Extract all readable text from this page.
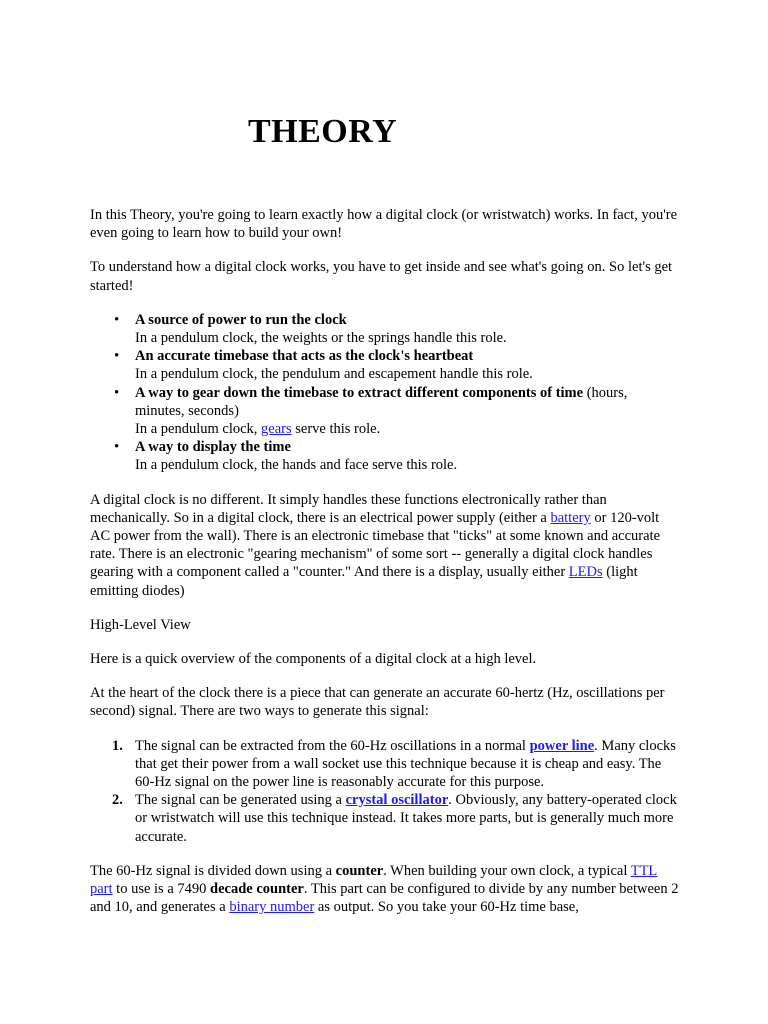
THEORY

In this Theory, you're going to learn exactly how a digital clock (or wristwatch) works. In fact, you're even going to learn how to build your own!

To understand how a digital clock works, you have to get inside and see what's going on. So let's get started!

• A source of power to run the clock
In a pendulum clock, the weights or the springs handle this role.
• An accurate timebase that acts as the clock's heartbeat
In a pendulum clock, the pendulum and escapement handle this role.
• A way to gear down the timebase to extract different components of time (hours, minutes, seconds)
In a pendulum clock, gears serve this role.
• A way to display the time
In a pendulum clock, the hands and face serve this role.

A digital clock is no different. It simply handles these functions electronically rather than mechanically. So in a digital clock, there is an electrical power supply (either a battery or 120-volt AC power from the wall). There is an electronic timebase that "ticks" at some known and accurate rate. There is an electronic "gearing mechanism" of some sort -- generally a digital clock handles gearing with a component called a "counter." And there is a display, usually either LEDs (light emitting diodes)

High-Level View

Here is a quick overview of the components of a digital clock at a high level.

At the heart of the clock there is a piece that can generate an accurate 60-hertz (Hz, oscillations per second) signal. There are two ways to generate this signal:

1. The signal can be extracted from the 60-Hz oscillations in a normal power line. Many clocks that get their power from a wall socket use this technique because it is cheap and easy. The 60-Hz signal on the power line is reasonably accurate for this purpose.
2. The signal can be generated using a crystal oscillator. Obviously, any battery-operated clock or wristwatch will use this technique instead. It takes more parts, but is generally much more accurate.

The 60-Hz signal is divided down using a counter. When building your own clock, a typical TTL part to use is a 7490 decade counter. This part can be configured to divide by any number between 2 and 10, and generates a binary number as output. So you take your 60-Hz time base,
